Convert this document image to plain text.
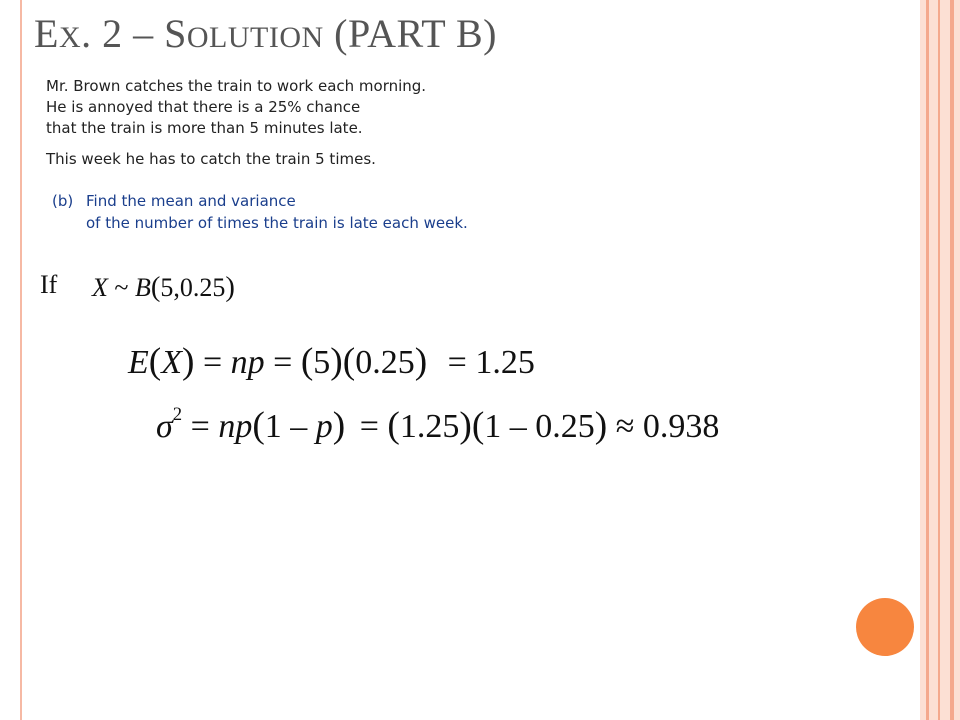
EX. 2 – SOLUTION (PART B)

Mr. Brown catches the train to work each morning.

He is annoyed that there is a 25% chance

that the train is more than 5 minutes late.

This week he has to catch the train 5 times.

(b) Find the mean and variance
of the number of times the train is late each week.
If X ~ B(5,0.25)
E(X) = np = (5)(0.25) = 1.25
$\sigma^2 = np(1 - p) = (1.25)(1 - 0.25) \approx 0.938$
